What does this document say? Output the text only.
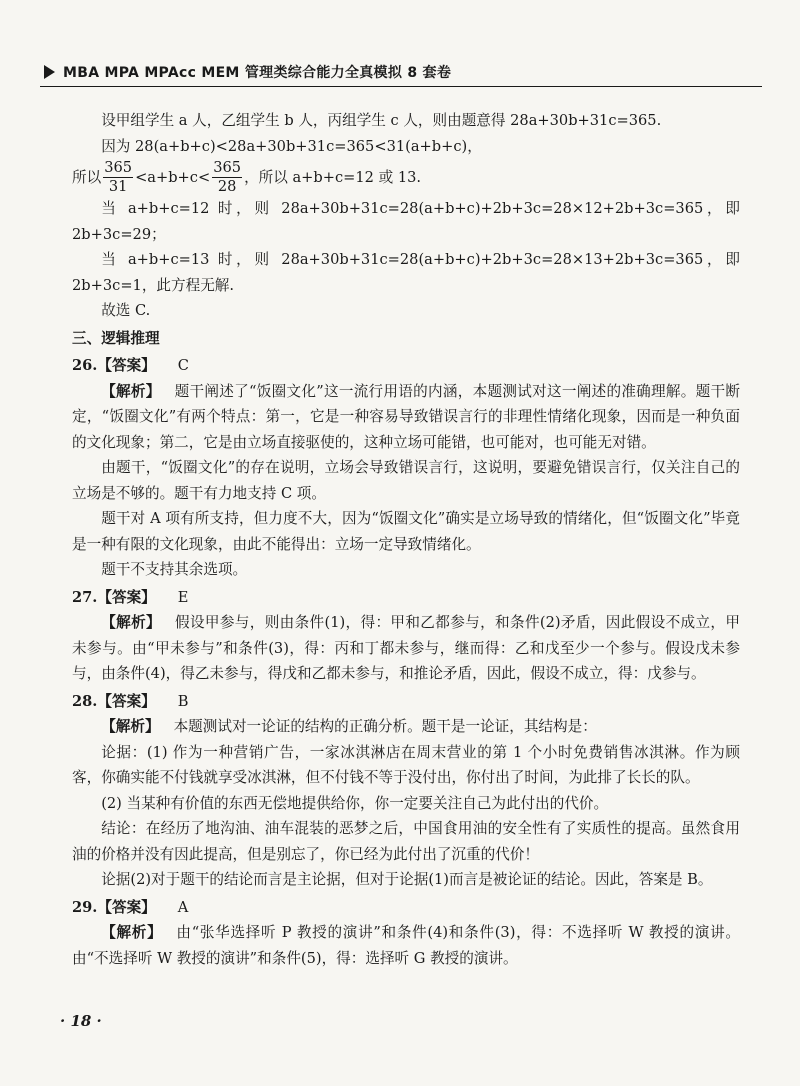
MBA MPA MPAcc MEM 管理类综合能力全真模拟 8 套卷

设甲组学生 a 人，乙组学生 b 人，丙组学生 c 人，则由题意得 28a+30b+31c=365.

因为 28(a+b+c)<28a+30b+31c=365<31(a+b+c)，

所以 $\frac{365}{31} <a+b+c< \frac{365}{28}$ ，所以 a+b+c=12 或 13.

当 a+b+c=12 时，则 28a+30b+31c=28(a+b+c)+2b+3c=28×12+2b+3c=365，即 2b+3c=29；

当 a+b+c=13 时，则 28a+30b+31c=28(a+b+c)+2b+3c=28×13+2b+3c=365，即 2b+3c=1，此方程无解.

故选 C.

三、逻辑推理

26.【答案】 C

【解析】 题干阐述了“饭圈文化”这一流行用语的内涵，本题测试对这一阐述的准确理解。题干断定，“饭圈文化”有两个特点：第一，它是一种容易导致错误言行的非理性情绪化现象，因而是一种负面的文化现象；第二，它是由立场直接驱使的，这种立场可能错，也可能对，也可能无对错。

由题干，“饭圈文化”的存在说明，立场会导致错误言行，这说明，要避免错误言行，仅关注自己的立场是不够的。题干有力地支持 C 项。

题干对 A 项有所支持，但力度不大，因为“饭圈文化”确实是立场导致的情绪化，但“饭圈文化”毕竟是一种有限的文化现象，由此不能得出：立场一定导致情绪化。

题干不支持其余选项。

27.【答案】 E

【解析】 假设甲参与，则由条件(1)，得：甲和乙都参与，和条件(2)矛盾，因此假设不成立，甲未参与。由“甲未参与”和条件(3)，得：丙和丁都未参与，继而得：乙和戊至少一个参与。假设戊未参与，由条件(4)，得乙未参与，得戊和乙都未参与，和推论矛盾，因此，假设不成立，得：戊参与。

28.【答案】 B

【解析】 本题测试对一论证的结构的正确分析。题干是一论证，其结构是：

论据：(1) 作为一种营销广告，一家冰淇淋店在周末营业的第 1 个小时免费销售冰淇淋。作为顾客，你确实能不付钱就享受冰淇淋，但不付钱不等于没付出，你付出了时间，为此排了长长的队。

(2) 当某种有价值的东西无偿地提供给你，你一定要关注自己为此付出的代价。

结论：在经历了地沟油、油车混装的恶梦之后，中国食用油的安全性有了实质性的提高。虽然食用油的价格并没有因此提高，但是别忘了，你已经为此付出了沉重的代价！

论据(2)对于题干的结论而言是主论据，但对于论据(1)而言是被论证的结论。因此，答案是 B。

29.【答案】 A

【解析】 由“张华选择听 P 教授的演讲”和条件(4)和条件(3)，得：不选择听 W 教授的演讲。由“不选择听 W 教授的演讲”和条件(5)，得：选择听 G 教授的演讲。

· 18 ·
